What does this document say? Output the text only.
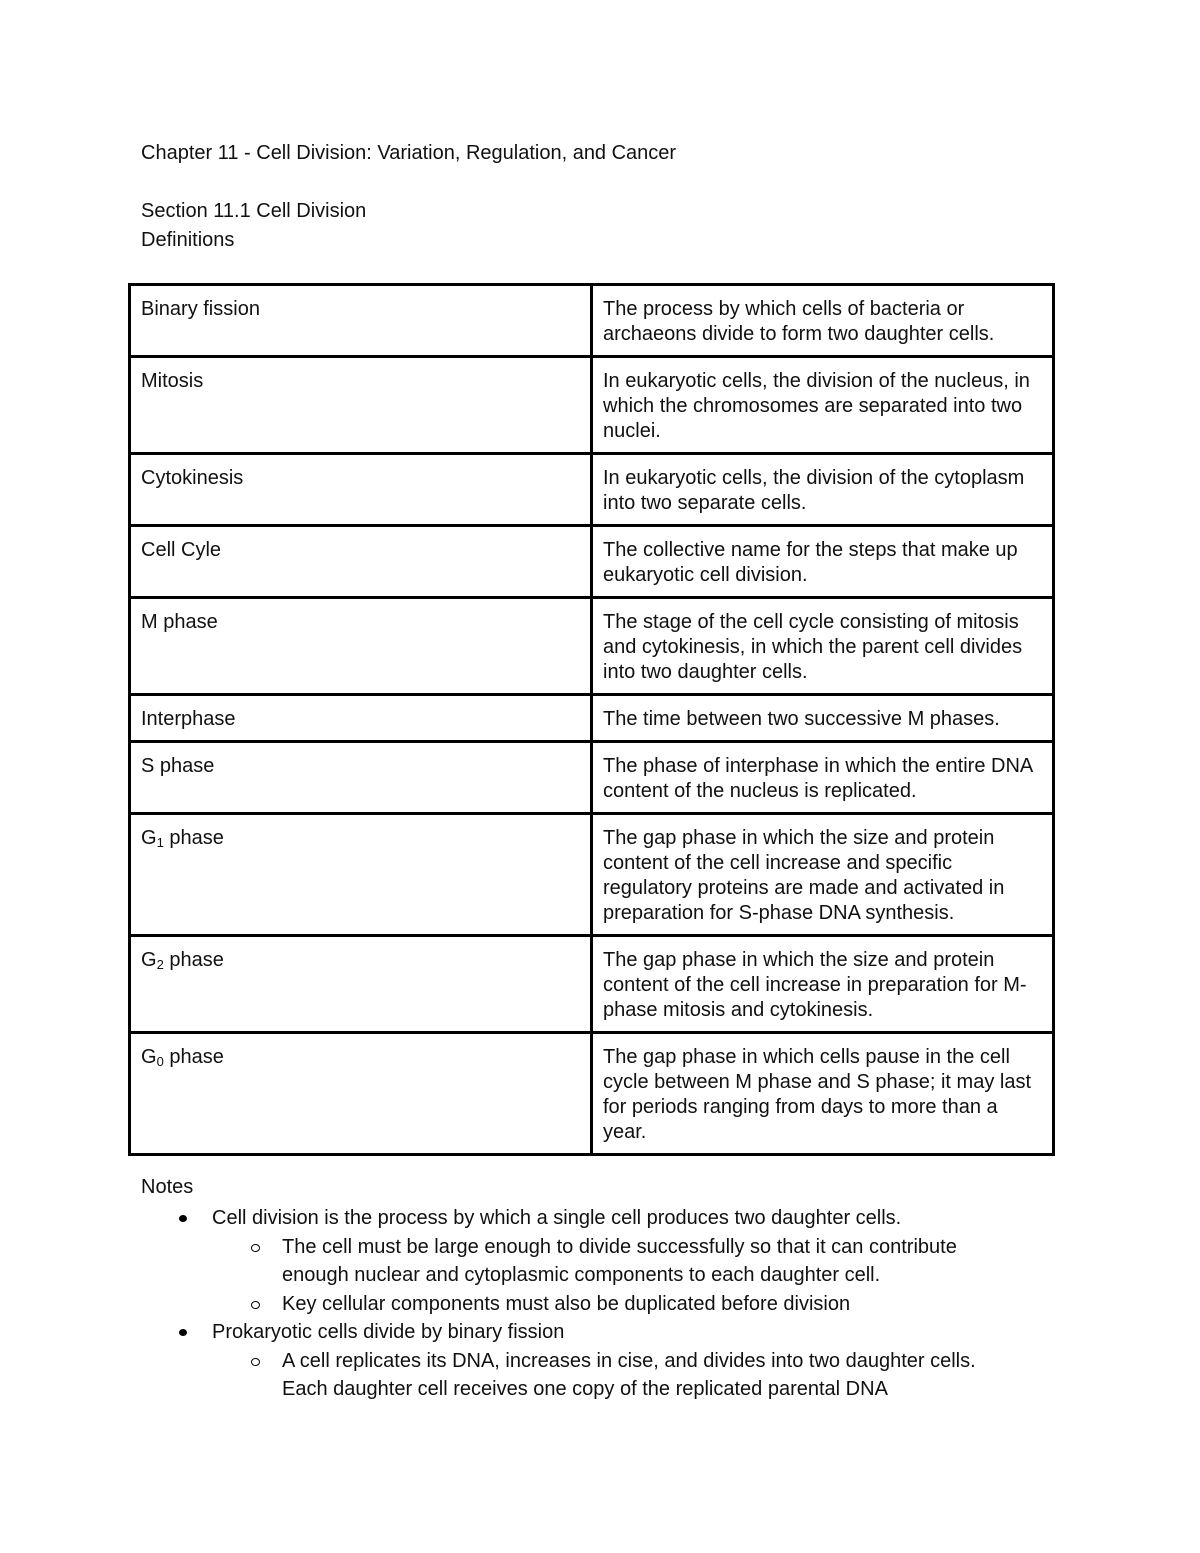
Chapter 11 - Cell Division: Variation, Regulation, and Cancer
Section 11.1 Cell Division
Definitions
Binary fission	The process by which cells of bacteria or archaeons divide to form two daughter cells.
Mitosis	In eukaryotic cells, the division of the nucleus, in which the chromosomes are separated into two nuclei.
Cytokinesis	In eukaryotic cells, the division of the cytoplasm into two separate cells.
Cell Cyle	The collective name for the steps that make up eukaryotic cell division.
M phase	The stage of the cell cycle consisting of mitosis and cytokinesis, in which the parent cell divides into two daughter cells.
Interphase	The time between two successive M phases.
S phase	The phase of interphase in which the entire DNA content of the nucleus is replicated.
$G_1$ phase	The gap phase in which the size and protein content of the cell increase and specific regulatory proteins are made and activated in preparation for S-phase DNA synthesis.
$G_2$ phase	The gap phase in which the size and protein content of the cell increase in preparation for M-phase mitosis and cytokinesis.
$G_0$ phase	The gap phase in which cells pause in the cell cycle between M phase and S phase; it may last for periods ranging from days to more than a year.
Notes
Cell division is the process by which a single cell produces two daughter cells.
The cell must be large enough to divide successfully so that it can contribute enough nuclear and cytoplasmic components to each daughter cell.
Key cellular components must also be duplicated before division
Prokaryotic cells divide by binary fission
A cell replicates its DNA, increases in cise, and divides into two daughter cells. Each daughter cell receives one copy of the replicated parental DNA
